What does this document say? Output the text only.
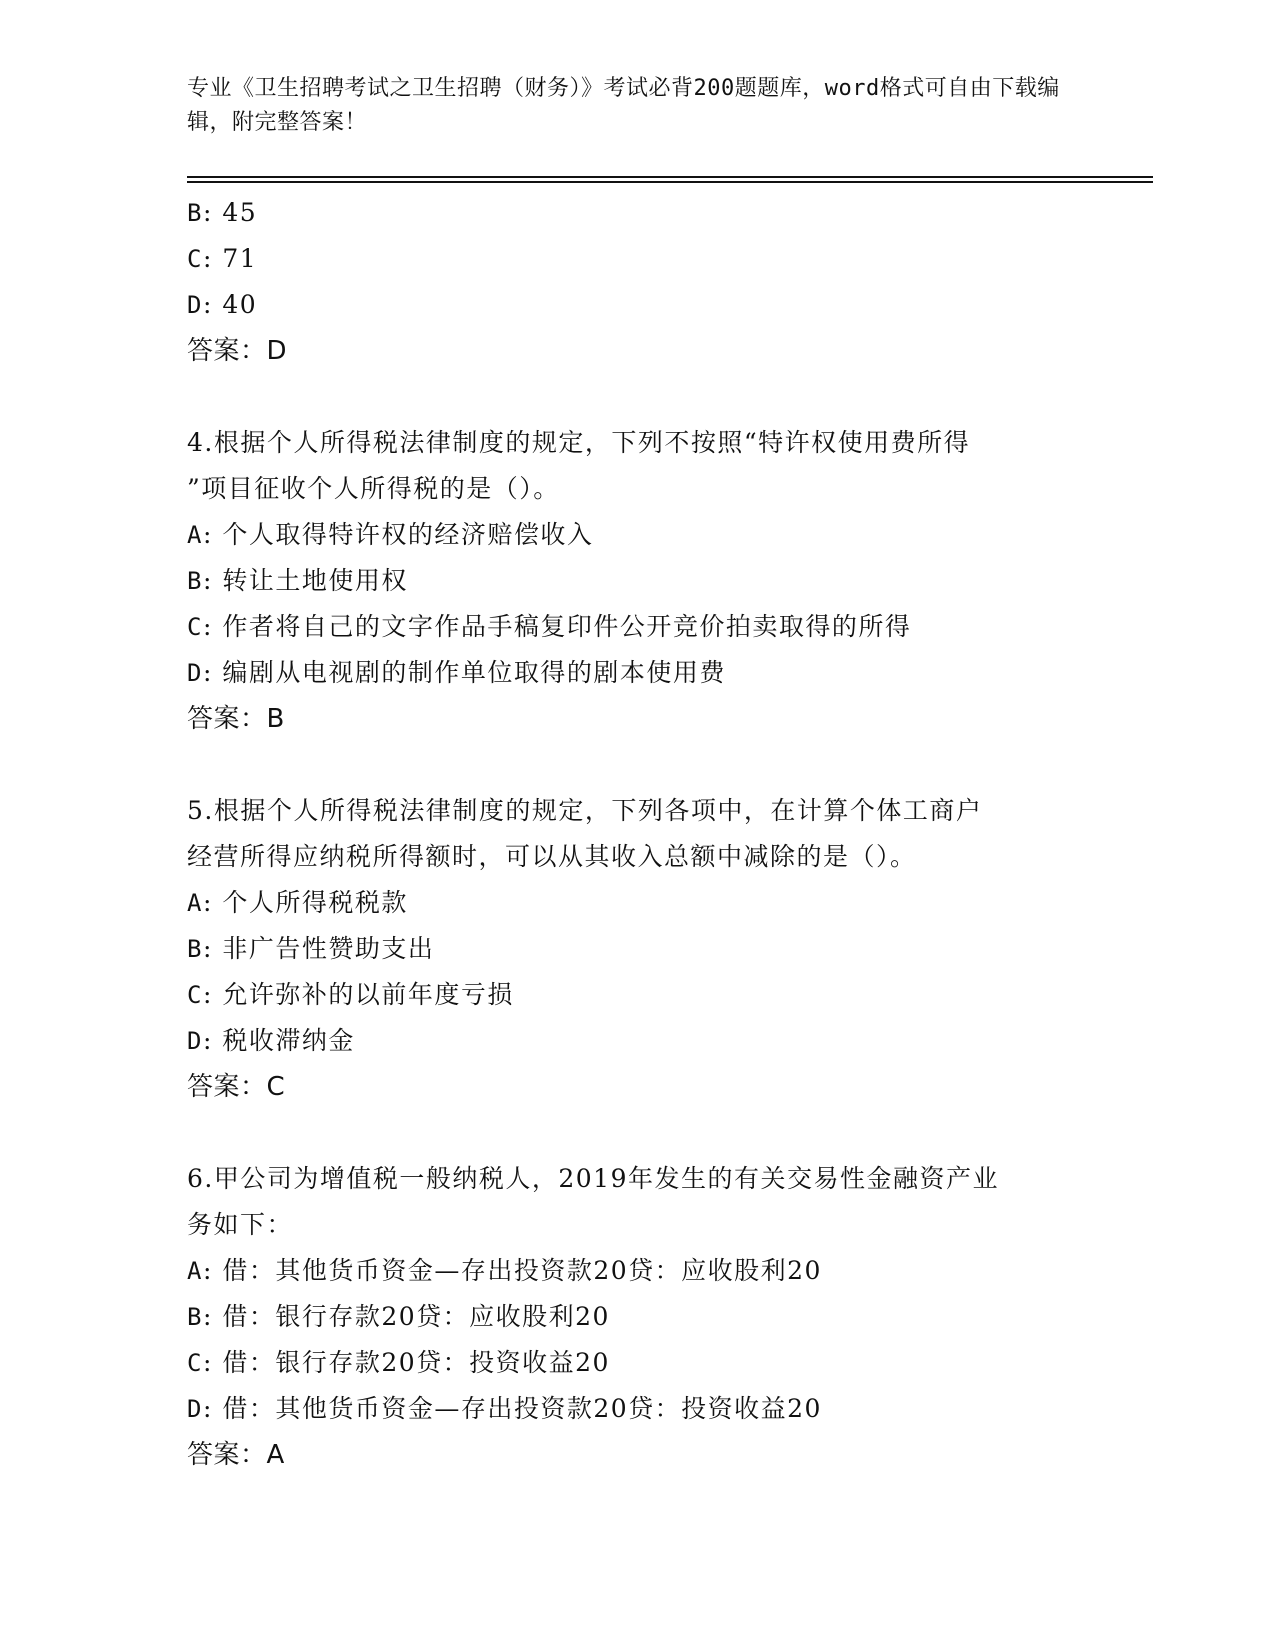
专业《卫生招聘考试之卫生招聘（财务）》考试必背200题题库，word格式可自由下载编辑，附完整答案！
B: 45
C: 71
D: 40
答案：D
4.根据个人所得税法律制度的规定，下列不按照“特许权使用费所得
”项目征收个人所得税的是（）。
A: 个人取得特许权的经济赔偿收入
B: 转让土地使用权
C: 作者将自己的文字作品手稿复印件公开竞价拍卖取得的所得
D: 编剧从电视剧的制作单位取得的剧本使用费
答案：B
5.根据个人所得税法律制度的规定，下列各项中，在计算个体工商户
经营所得应纳税所得额时，可以从其收入总额中减除的是（）。
A: 个人所得税税款
B: 非广告性赞助支出
C: 允许弥补的以前年度亏损
D: 税收滞纳金
答案：C
6.甲公司为增值税一般纳税人，2019年发生的有关交易性金融资产业
务如下：
A: 借：其他货币资金—存出投资款20贷：应收股利20
B: 借：银行存款20贷：应收股利20
C: 借：银行存款20贷：投资收益20
D: 借：其他货币资金—存出投资款20贷：投资收益20
答案：A
